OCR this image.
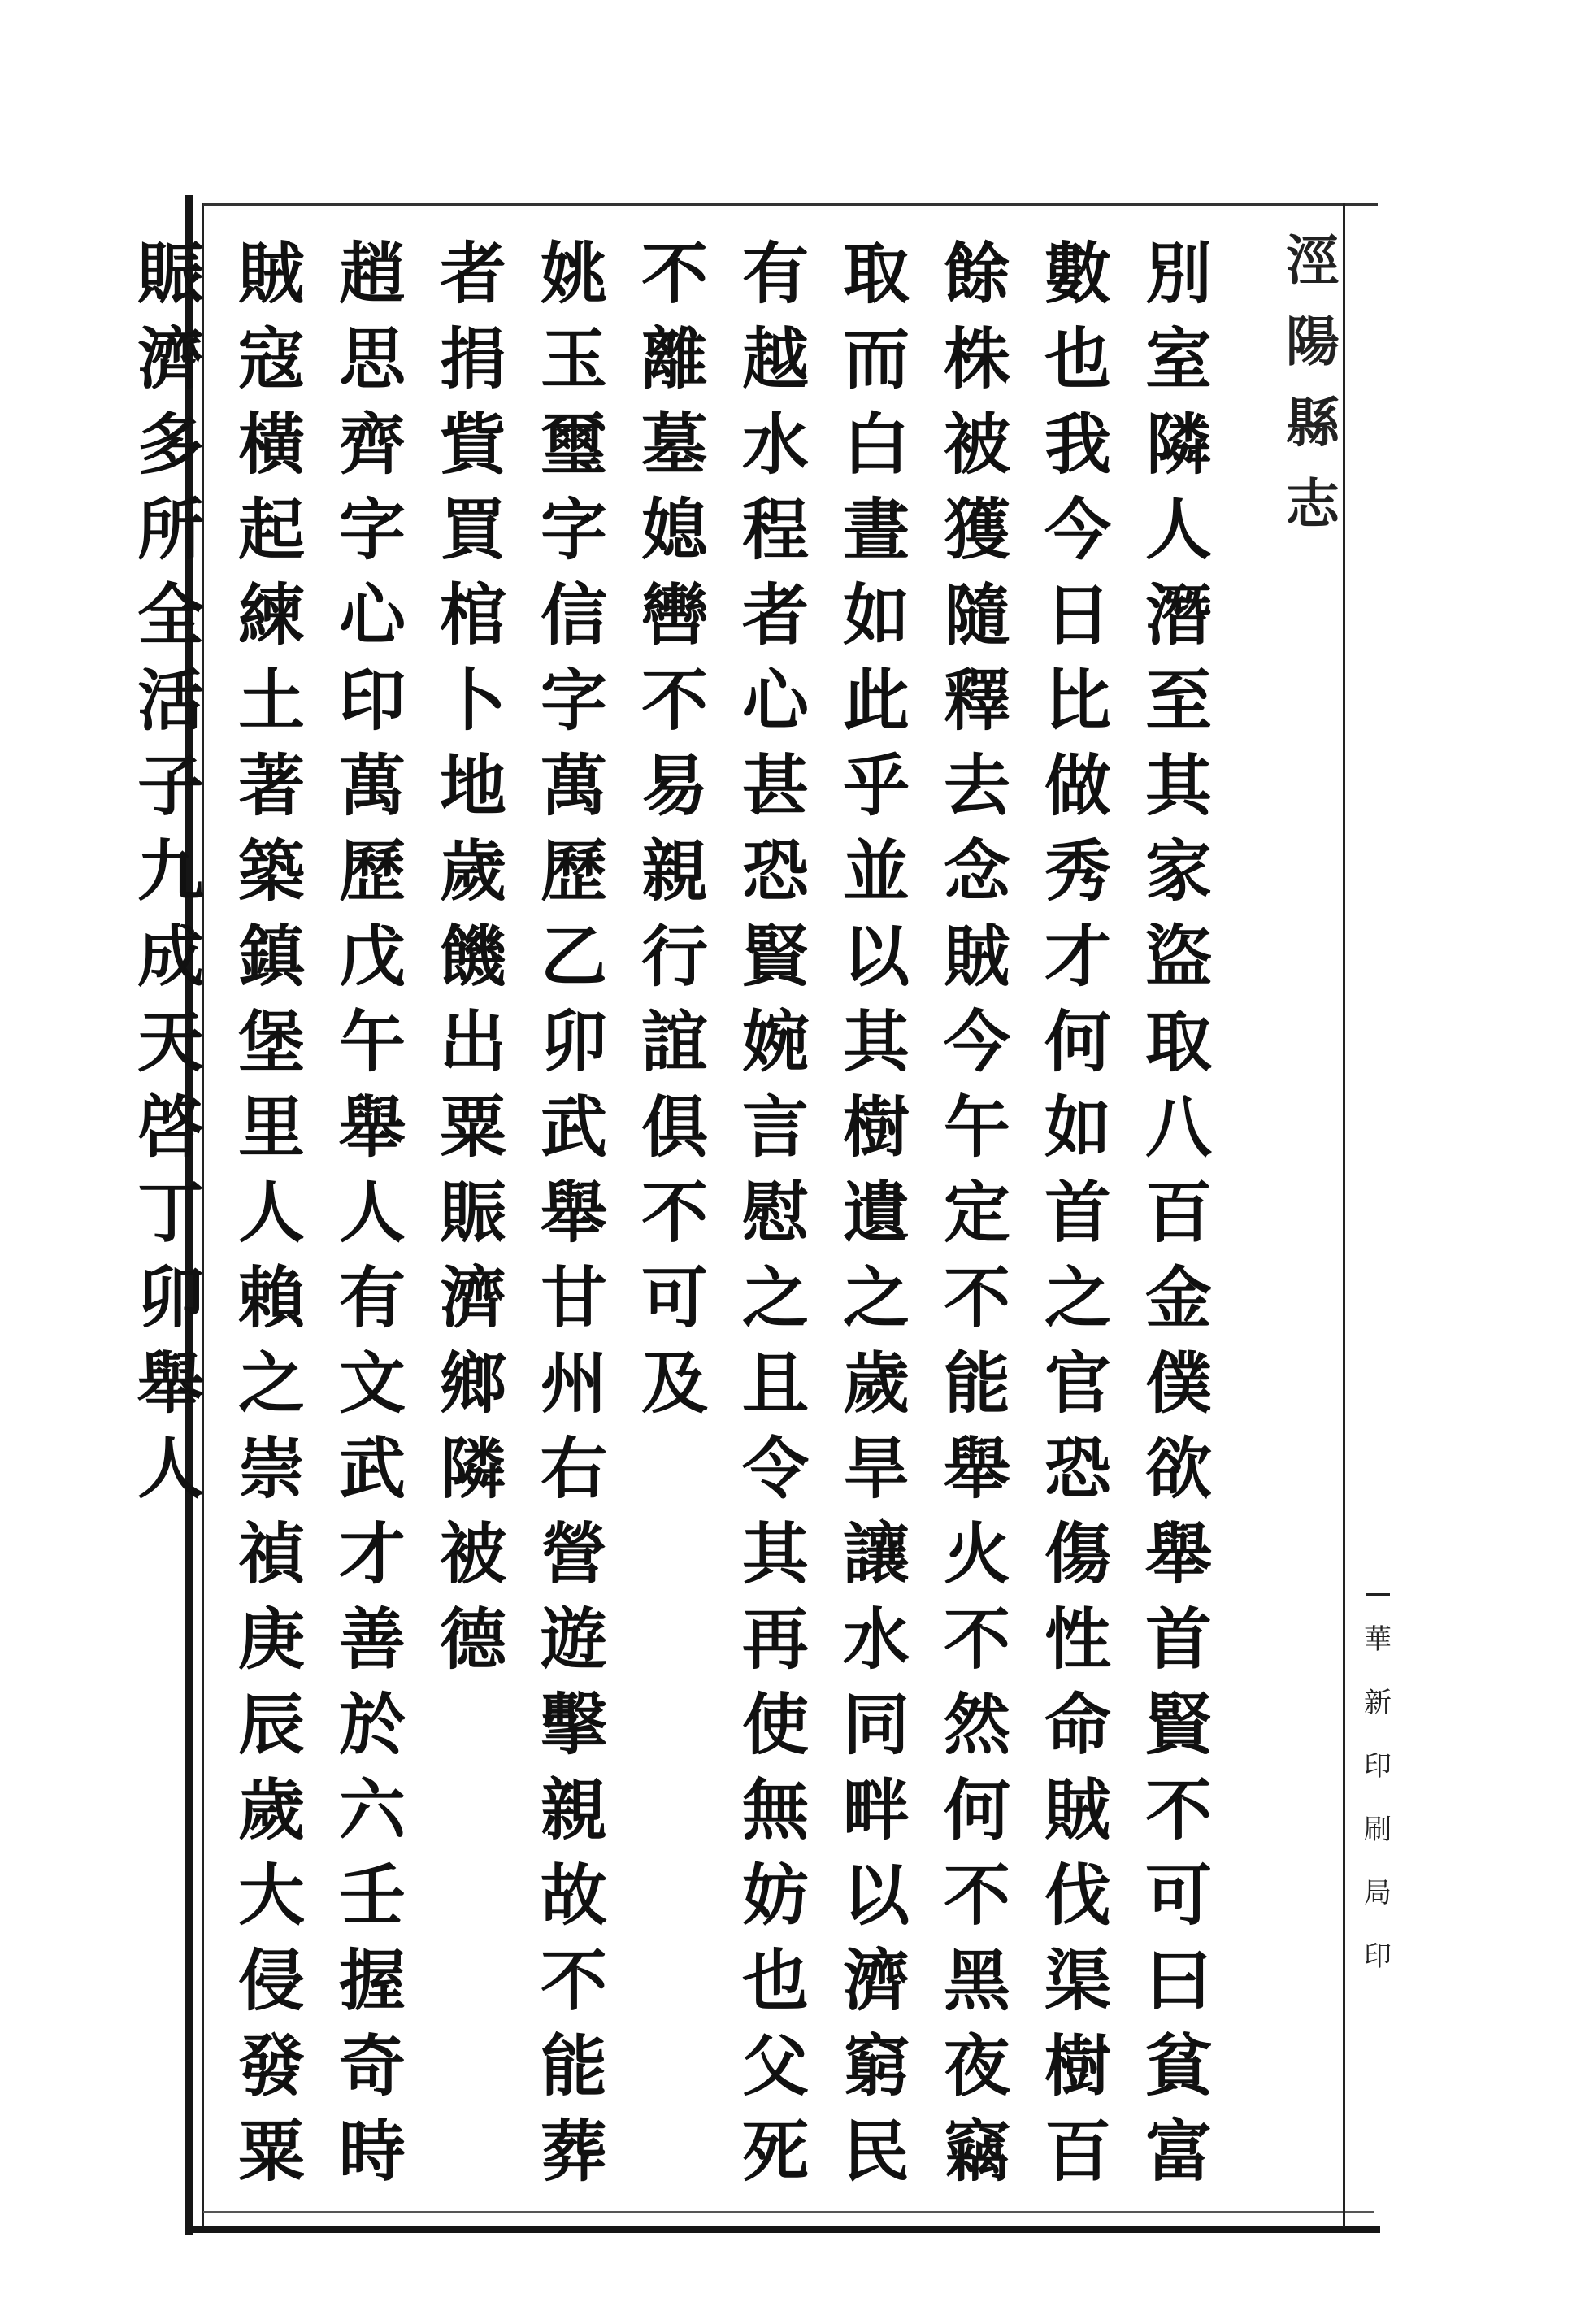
涇
陽
縣
志
華
新
印
刷
局
印
別
室
隣
人
潛
至
其
家
盜
取
八
百
金
僕
欲
舉
首
賢
不
可
曰
貧
富
數
也
我
今
日
比
做
秀
才
何
如
首
之
官
恐
傷
性
命
賊
伐
渠
樹
百
餘
株
被
獲
隨
釋
去
念
賊
今
午
定
不
能
舉
火
不
然
何
不
黑
夜
竊
取
而
白
晝
如
此
乎
並
以
其
樹
遺
之
歲
旱
讓
水
同
畔
以
濟
窮
民
有
越
水
程
者
心
甚
恐
賢
婉
言
慰
之
且
令
其
再
使
無
妨
也
父
死
不
離
墓
媳
轡
不
易
親
行
誼
俱
不
可
及
姚
玉
璽
字
信
字
萬
歷
乙
卯
武
舉
甘
州
右
營
遊
擊
親
故
不
能
葬
者
捐
貲
買
棺
卜
地
歲
饑
出
粟
賑
濟
鄉
隣
被
德
趙
思
齊
字
心
印
萬
歷
戊
午
舉
人
有
文
武
才
善
於
六
壬
握
奇
時
賊
寇
橫
起
練
土
著
築
鎮
堡
里
人
賴
之
崇
禎
庚
辰
歲
大
侵
發
粟
賑
濟
多
所
全
活
子
九
成
天
啓
丁
卯
舉
人
